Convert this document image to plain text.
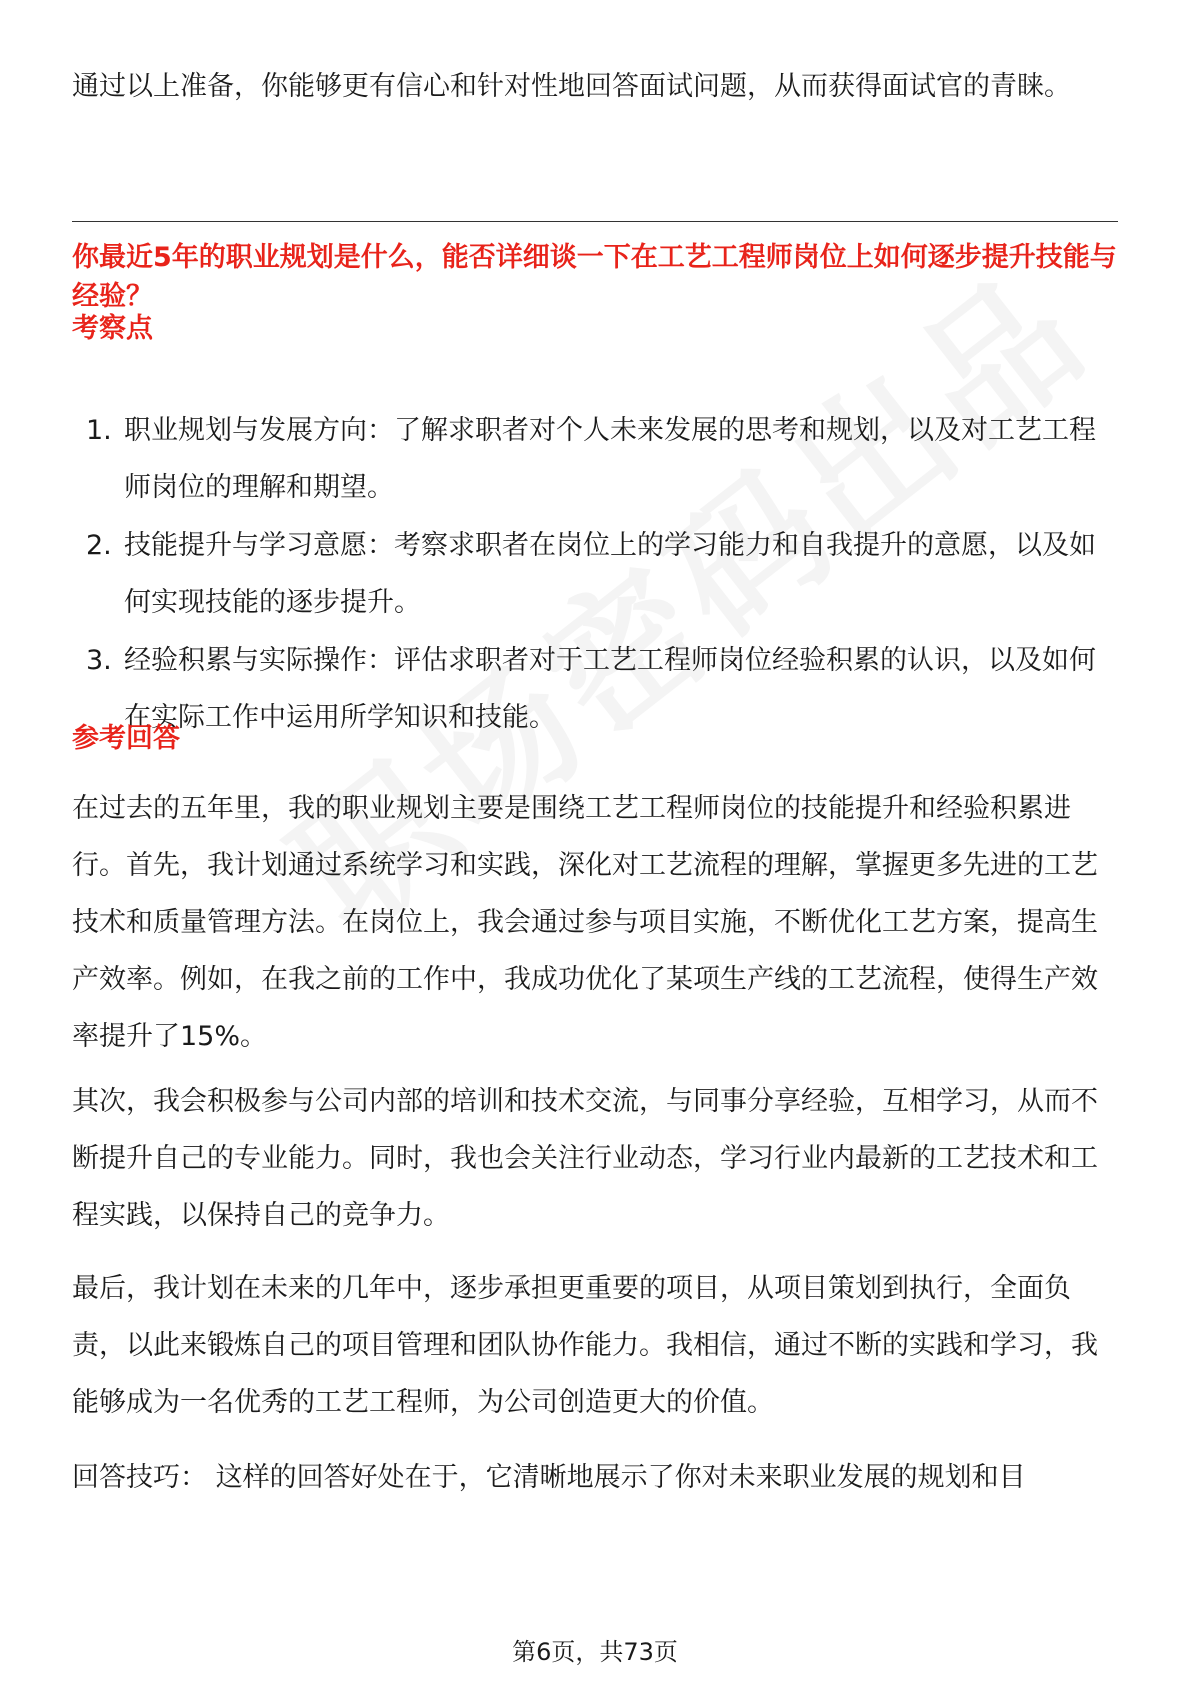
通过以上准备，你能够更有信心和针对性地回答面试问题，从而获得面试官的青睐。

你最近5年的职业规划是什么，能否详细谈一下在工艺工程师岗位上如何逐步提升技能与经验？

考察点

1. 职业规划与发展方向：了解求职者对个人未来发展的思考和规划，以及对工艺工程师岗位的理解和期望。
2. 技能提升与学习意愿：考察求职者在岗位上的学习能力和自我提升的意愿，以及如何实现技能的逐步提升。
3. 经验积累与实际操作：评估求职者对于工艺工程师岗位经验积累的认识，以及如何在实际工作中运用所学知识和技能。

参考回答

在过去的五年里，我的职业规划主要是围绕工艺工程师岗位的技能提升和经验积累进行。首先，我计划通过系统学习和实践，深化对工艺流程的理解，掌握更多先进的工艺技术和质量管理方法。在岗位上，我会通过参与项目实施，不断优化工艺方案，提高生产效率。例如，在我之前的工作中，我成功优化了某项生产线的工艺流程，使得生产效率提升了15%。

其次，我会积极参与公司内部的培训和技术交流，与同事分享经验，互相学习，从而不断提升自己的专业能力。同时，我也会关注行业动态，学习行业内最新的工艺技术和工程实践，以保持自己的竞争力。

最后，我计划在未来的几年中，逐步承担更重要的项目，从项目策划到执行，全面负责，以此来锻炼自己的项目管理和团队协作能力。我相信，通过不断的实践和学习，我能够成为一名优秀的工艺工程师，为公司创造更大的价值。

回答技巧： 这样的回答好处在于，它清晰地展示了你对未来职业发展的规划和目

第6页，共73页
